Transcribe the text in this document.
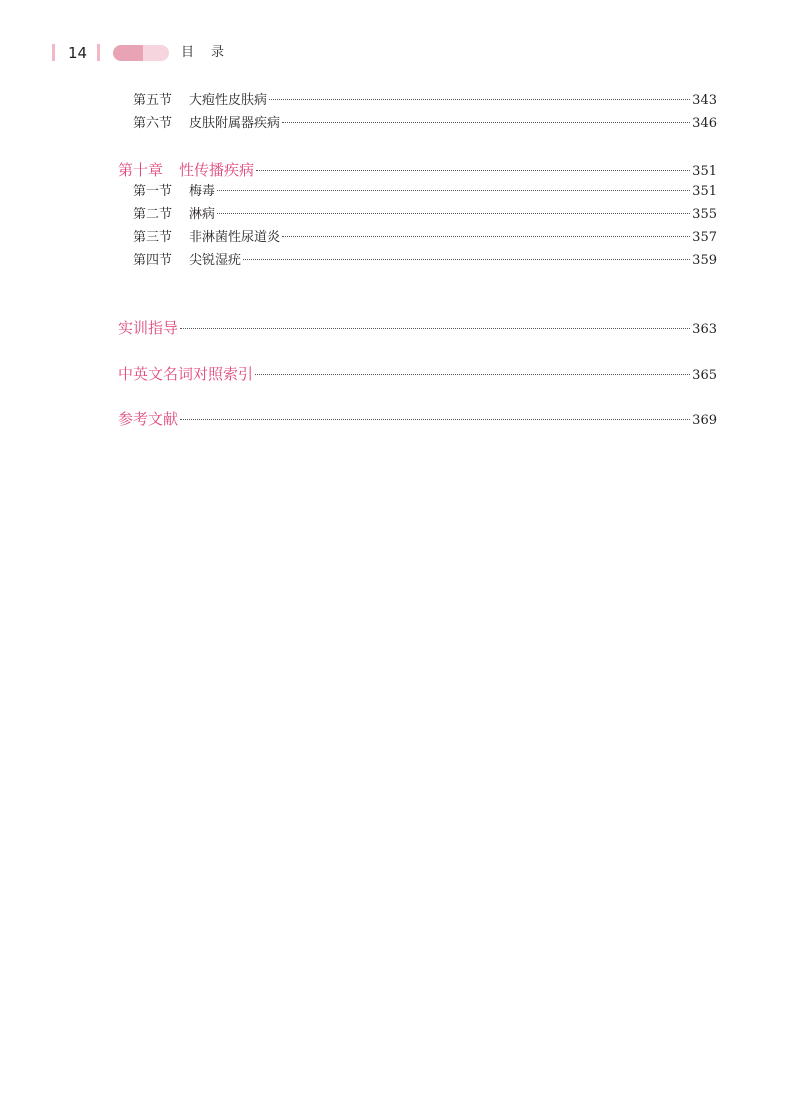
14	目录
第五节	大疱性皮肤病	343
第六节	皮肤附属器疾病	346
第十章 性传播疾病	351
第一节	梅毒	351
第二节	淋病	355
第三节	非淋菌性尿道炎	357
第四节	尖锐湿疣	359
实训指导	363
中英文名词对照索引	365
参考文献	369
